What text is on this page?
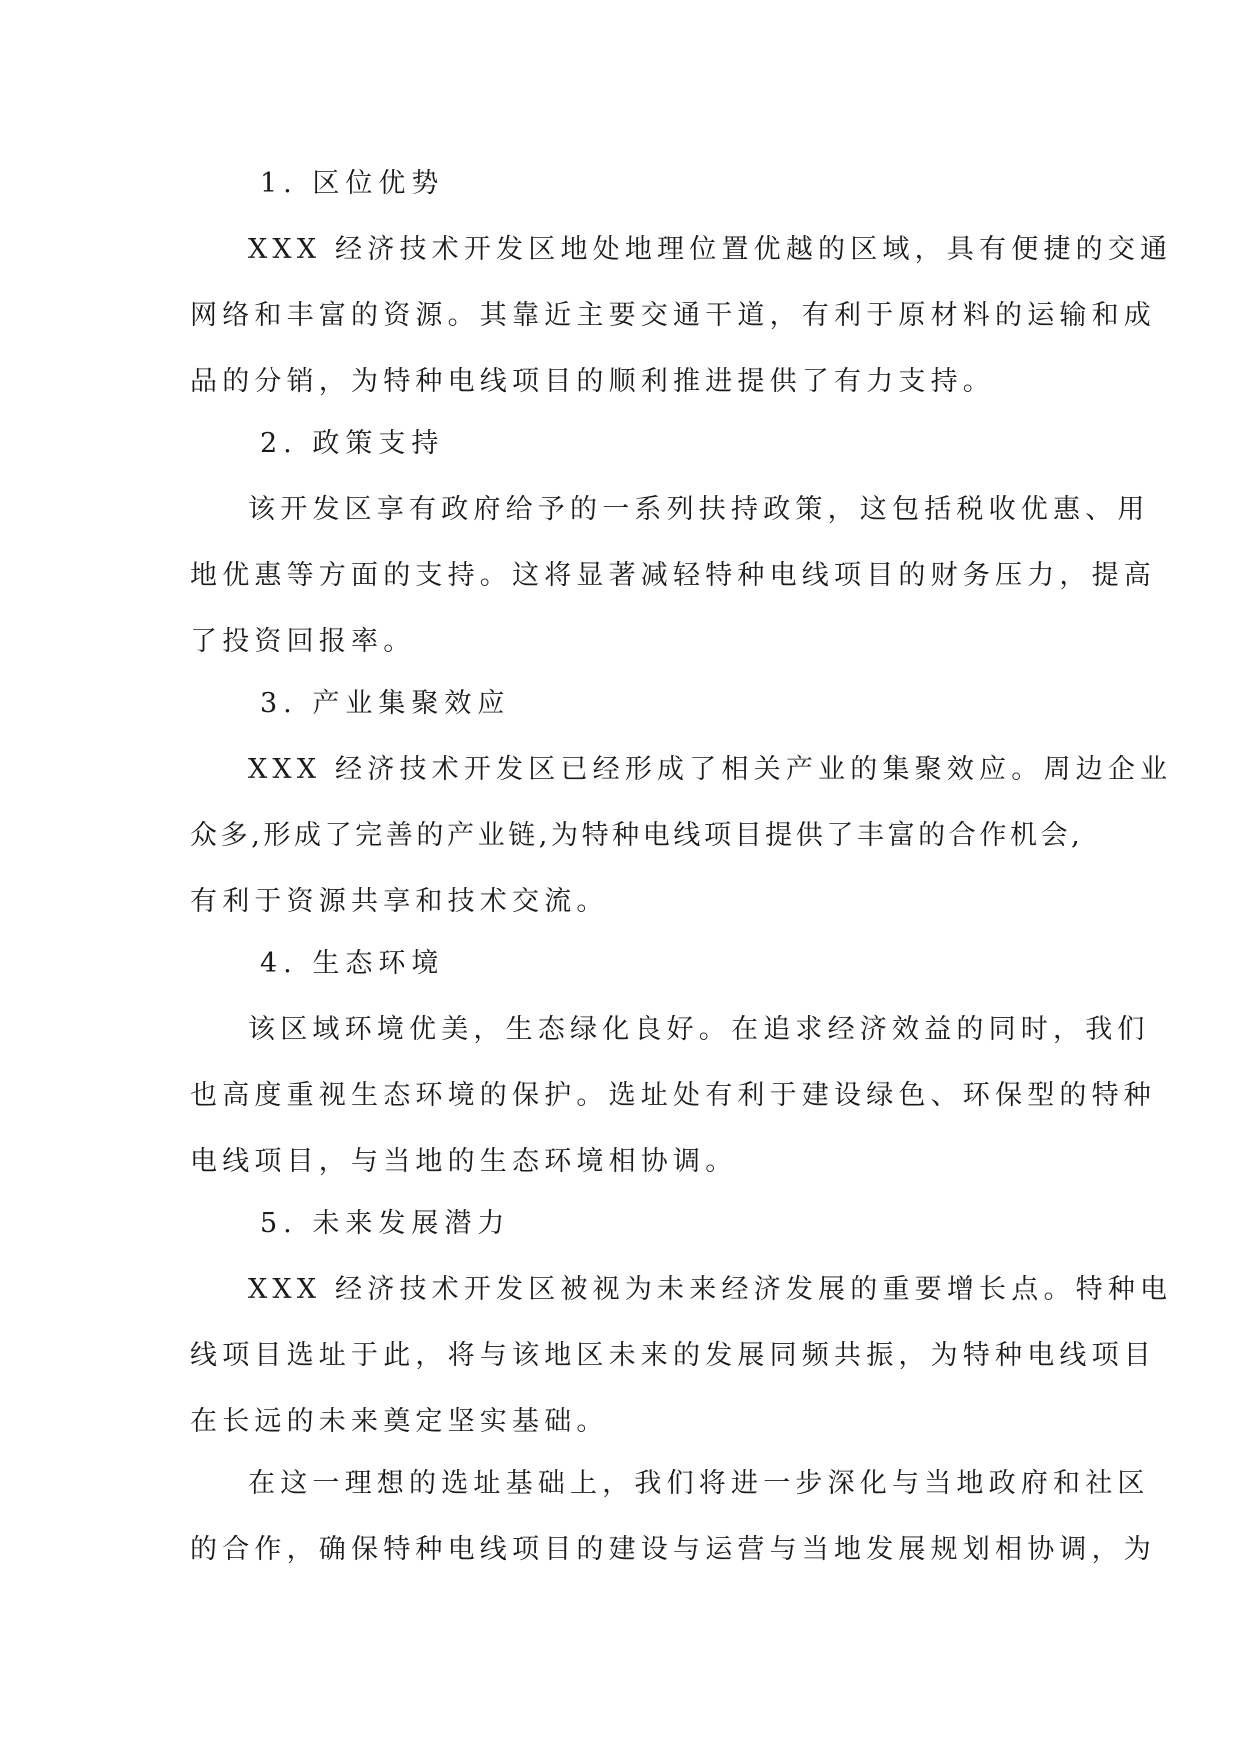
1. 区位优势
XXX 经济技术开发区地处地理位置优越的区域，具有便捷的交通
网络和丰富的资源。其靠近主要交通干道，有利于原材料的运输和成
品的分销，为特种电线项目的顺利推进提供了有力支持。
2. 政策支持
该开发区享有政府给予的一系列扶持政策，这包括税收优惠、用
地优惠等方面的支持。这将显著减轻特种电线项目的财务压力，提高
了投资回报率。
3. 产业集聚效应
XXX 经济技术开发区已经形成了相关产业的集聚效应。周边企业
众多,形成了完善的产业链,为特种电线项目提供了丰富的合作机会,
有利于资源共享和技术交流。
4. 生态环境
该区域环境优美，生态绿化良好。在追求经济效益的同时，我们
也高度重视生态环境的保护。选址处有利于建设绿色、环保型的特种
电线项目，与当地的生态环境相协调。
5. 未来发展潜力
XXX 经济技术开发区被视为未来经济发展的重要增长点。特种电
线项目选址于此，将与该地区未来的发展同频共振，为特种电线项目
在长远的未来奠定坚实基础。
在这一理想的选址基础上，我们将进一步深化与当地政府和社区
的合作，确保特种电线项目的建设与运营与当地发展规划相协调，为
